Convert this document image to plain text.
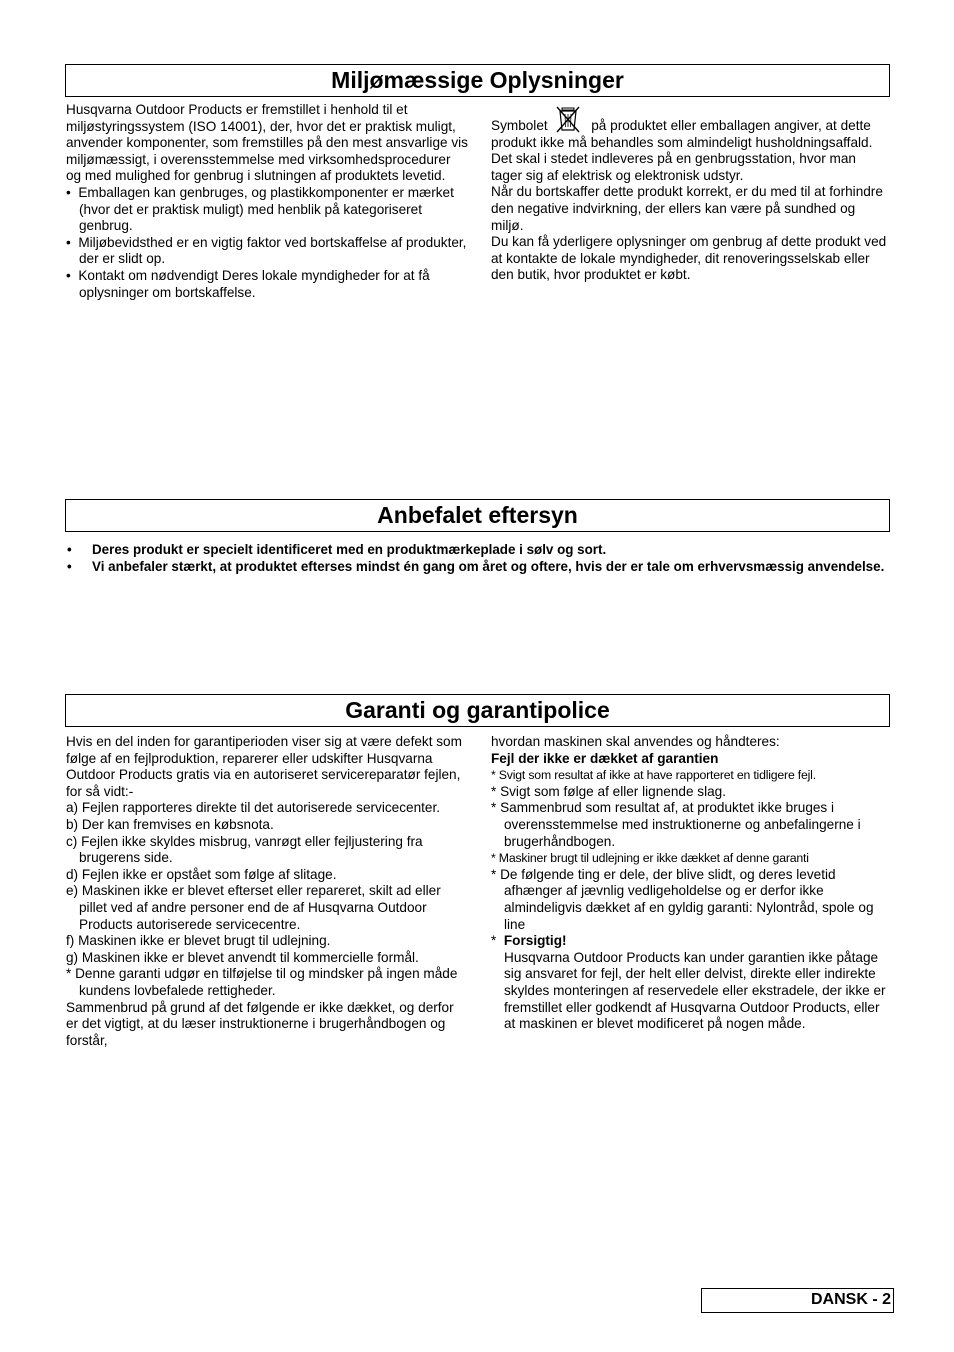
Miljømæssige Oplysninger

Husqvarna Outdoor Products er fremstillet i henhold til et miljøstyringssystem (ISO 14001), der, hvor det er praktisk muligt, anvender komponenter, som fremstilles på den mest ansvarlige vis miljømæssigt, i overensstemmelse med virksomhedsprocedurer og med mulighed for genbrug i slutningen af produktets levetid.

•  Emballagen kan genbruges, og plastikkomponenter er mærket (hvor det er praktisk muligt) med henblik på kategoriseret genbrug.

•  Miljøbevidsthed er en vigtig faktor ved bortskaffelse af produkter, der er slidt op.

•  Kontakt om nødvendigt Deres lokale myndigheder for at få oplysninger om bortskaffelse.

Symbolet	på produktet eller emballagen angiver, at dette produkt ikke må behandles som almindeligt husholdningsaffald. Det skal i stedet indleveres på en genbrugsstation, hvor man tager sig af elektrisk og elektronisk udstyr.

Når du bortskaffer dette produkt korrekt, er du med til at forhindre den negative indvirkning, der ellers kan være på sundhed og miljø.

Du kan få yderligere oplysninger om genbrug af dette produkt ved at kontakte de lokale myndigheder, dit renoveringsselskab eller den butik, hvor produktet er købt.

Anbefalet eftersyn
• Deres produkt er specielt identificeret med en produktmærkeplade i sølv og sort.
• Vi anbefaler stærkt, at produktet efterses mindst én gang om året og oftere, hvis der er tale om erhvervsmæssig anvendelse.
Garanti og garantipolice

Hvis en del inden for garantiperioden viser sig at være defekt som følge af en fejlproduktion, reparerer eller udskifter Husqvarna Outdoor Products gratis via en autoriseret servicereparatør fejlen, for så vidt:-

a) Fejlen rapporteres direkte til det autoriserede servicecenter.

b) Der kan fremvises en købsnota.

c) Fejlen ikke skyldes misbrug, vanrøgt eller fejljustering fra brugerens side.

d) Fejlen ikke er opstået som følge af slitage.

e) Maskinen ikke er blevet efterset eller repareret, skilt ad eller pillet ved af andre personer end de af Husqvarna Outdoor Products autoriserede servicecentre.

f) Maskinen ikke er blevet brugt til udlejning.

g) Maskinen ikke er blevet anvendt til kommercielle formål.

* Denne garanti udgør en tilføjelse til og mindsker på ingen måde kundens lovbefalede rettigheder.

Sammenbrud på grund af det følgende er ikke dækket, og derfor er det vigtigt, at du læser instruktionerne i brugerhåndbogen og forstår,

hvordan maskinen skal anvendes og håndteres:

Fejl der ikke er dækket af garantien

* Svigt som resultat af ikke at have rapporteret en tidligere fejl.

* Svigt som følge af eller lignende slag.

* Sammenbrud som resultat af, at produktet ikke bruges i overensstemmelse med instruktionerne og anbefalingerne i brugerhåndbogen.

* Maskiner brugt til udlejning er ikke dækket af denne garanti

* De følgende ting er dele, der blive slidt, og deres levetid afhænger af jævnlig vedligeholdelse og er derfor ikke almindeligvis dækket af en gyldig garanti: Nylontråd, spole og line

* Forsigtig!

Husqvarna Outdoor Products kan under garantien ikke påtage sig ansvaret for fejl, der helt eller delvist, direkte eller indirekte skyldes monteringen af reservedele eller ekstradele, der ikke er fremstillet eller godkendt af Husqvarna Outdoor Products, eller at maskinen er blevet modificeret på nogen måde.

DANSK - 2
